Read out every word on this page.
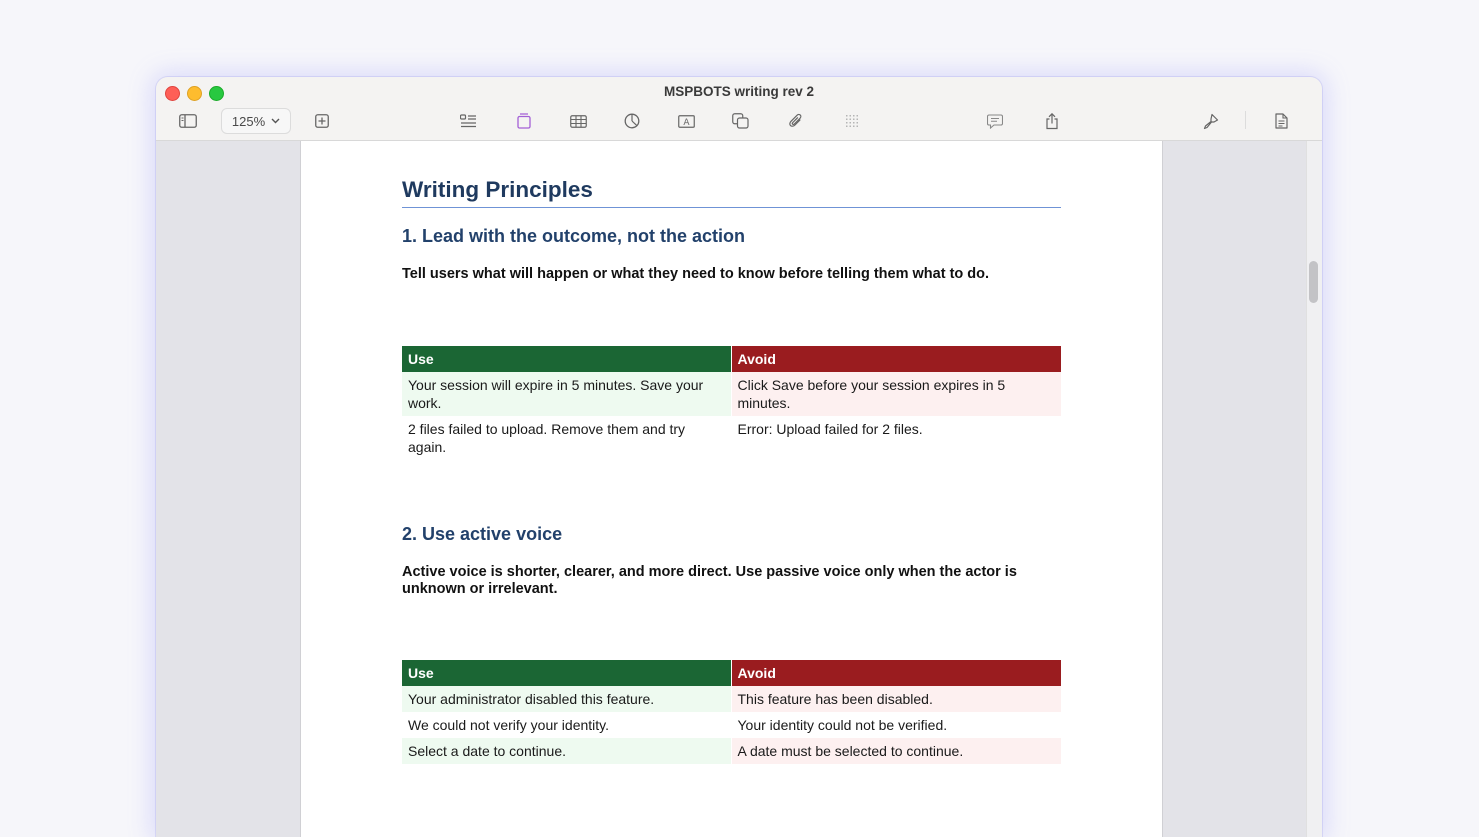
MSPBOTS writing rev 2
125%	A
Writing Principles
1. Lead with the outcome, not the action
Tell users what will happen or what they need to know before telling them what to do.
Use	Avoid
Your session will expire in 5 minutes. Save your work.	Click Save before your session expires in 5 minutes.
2 files failed to upload. Remove them and try again.	Error: Upload failed for 2 files.
2. Use active voice
Active voice is shorter, clearer, and more direct. Use passive voice only when the actor is unknown or irrelevant.
Use	Avoid
Your administrator disabled this feature.	This feature has been disabled.
We could not verify your identity.	Your identity could not be verified.
Select a date to continue.	A date must be selected to continue.
